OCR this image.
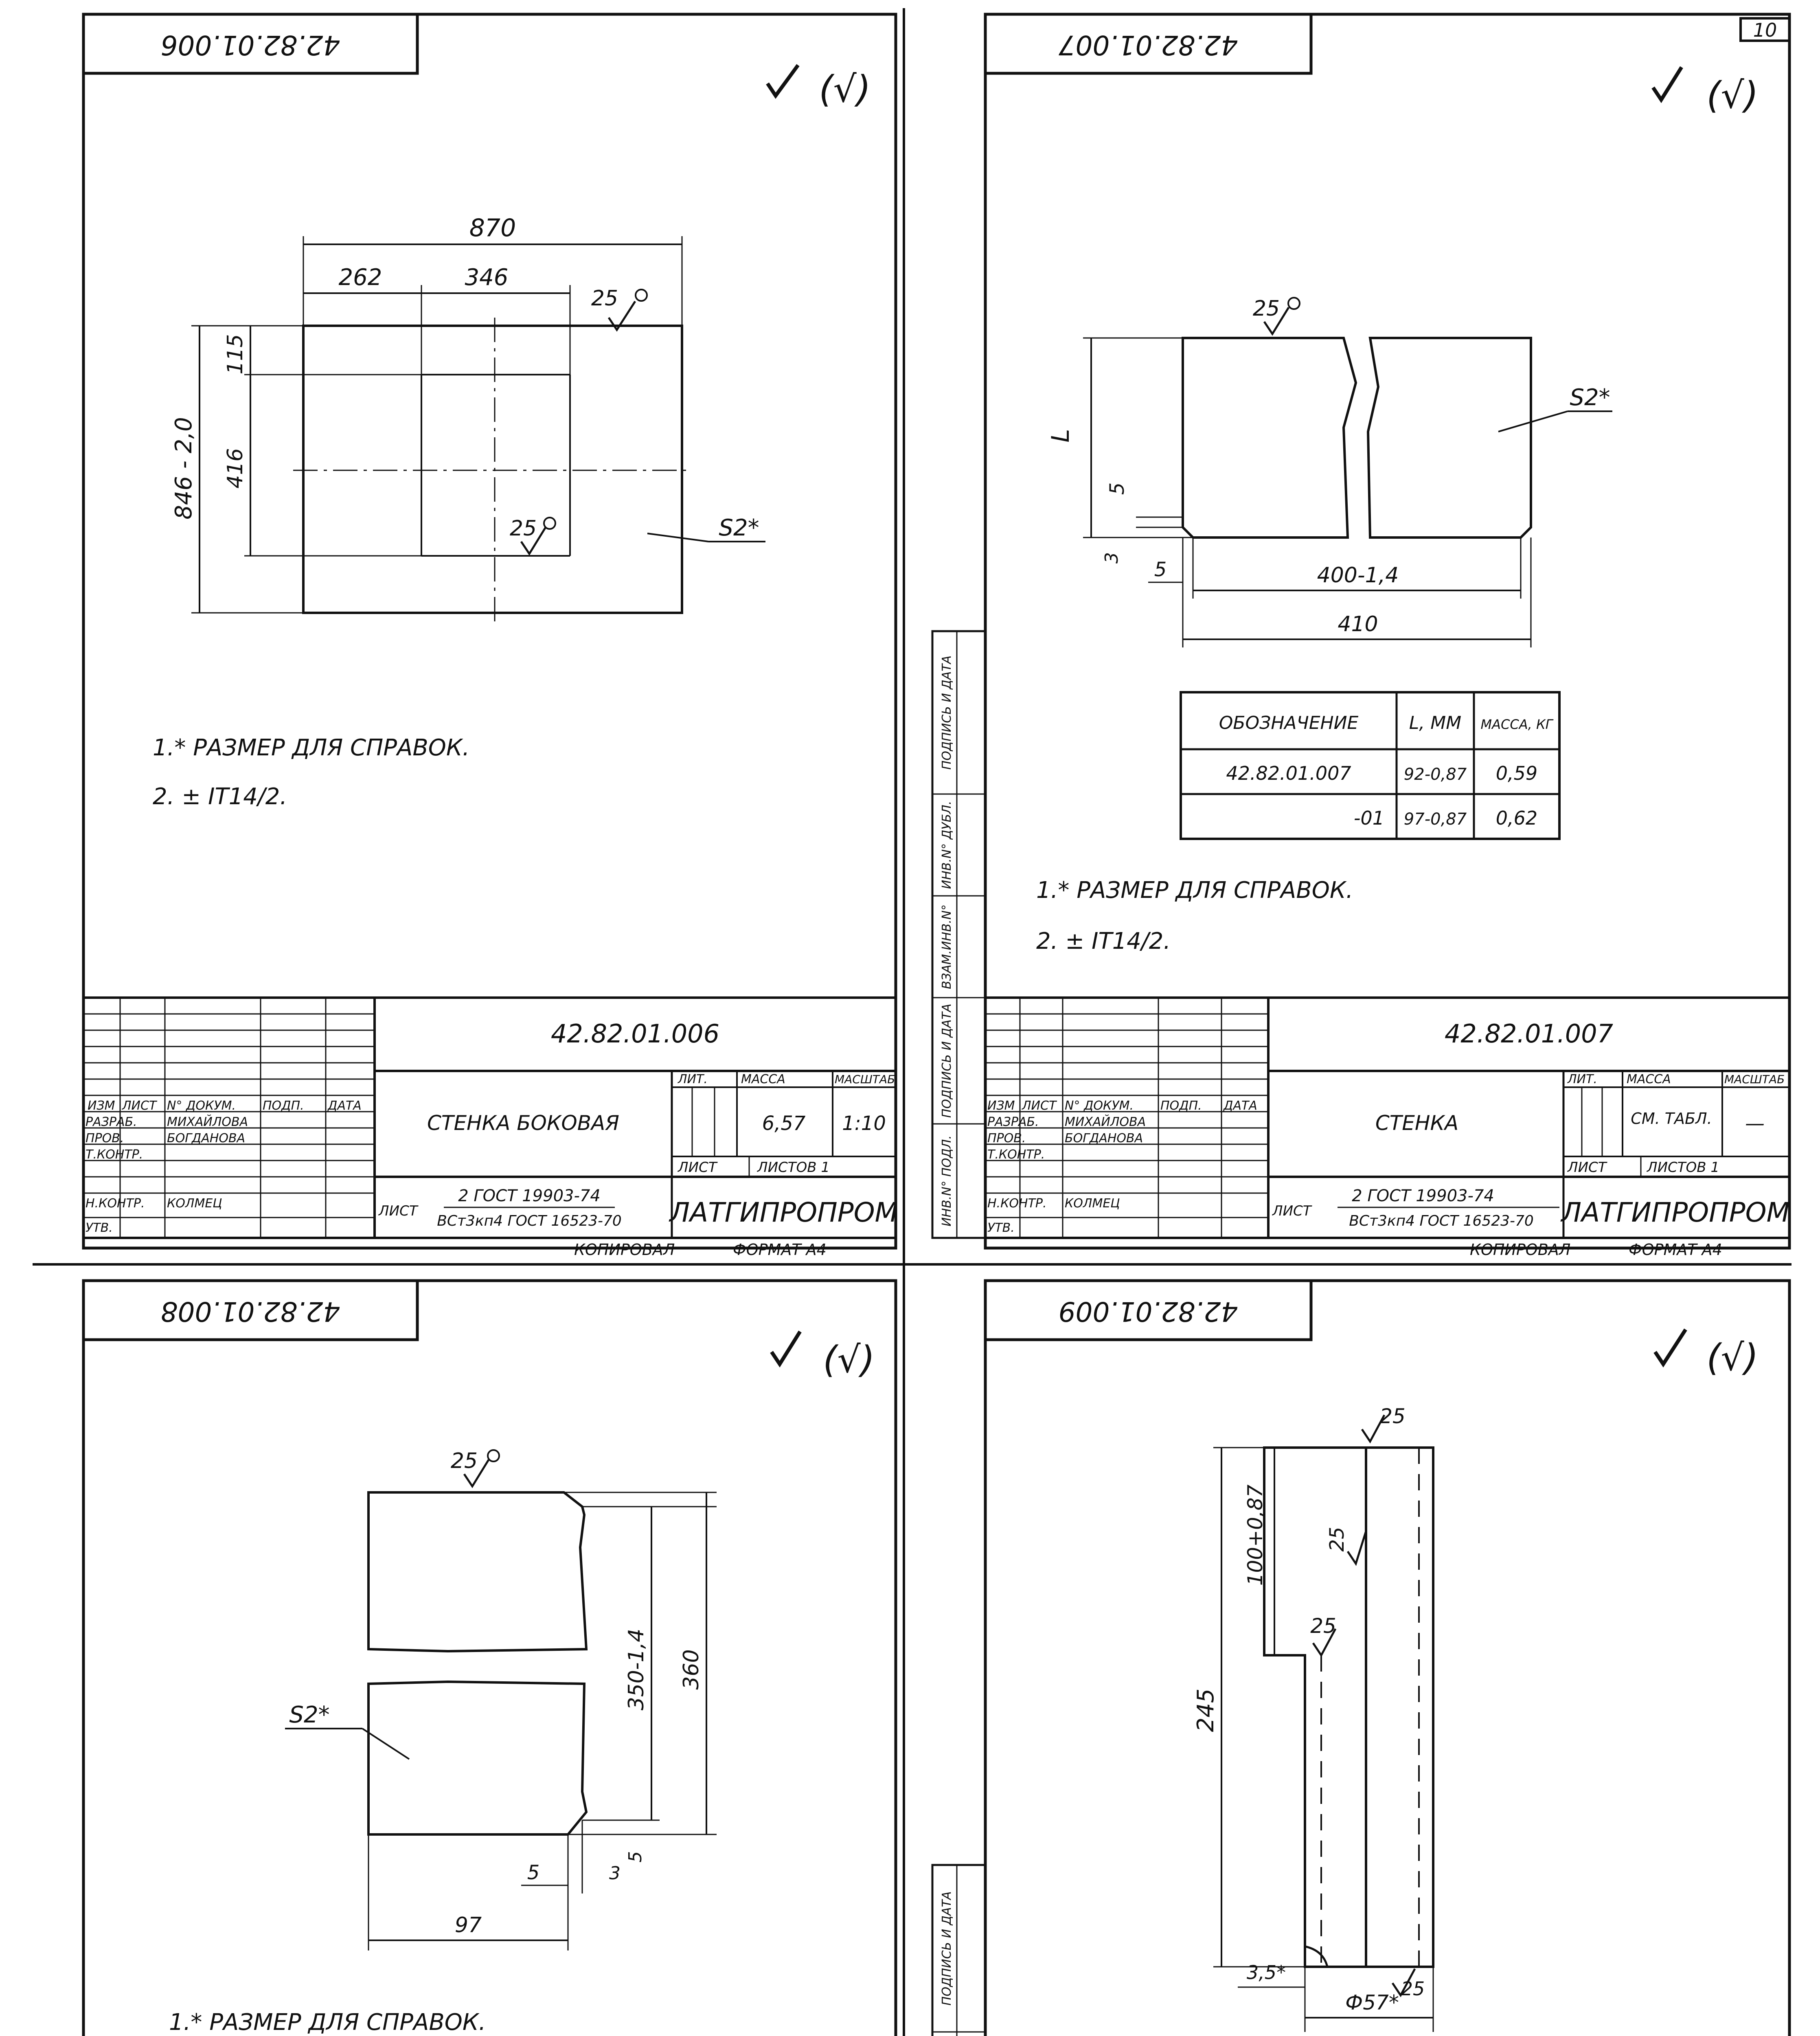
10
42.82.01.006
(√)
870
262	346
846 - 2,0
115
416
25
25	S2*
1.* РАЗМЕР ДЛЯ СПРАВОК.
2. ± IT14/2.
42.82.01.006
ИЗМ ЛИСТ N° ДОКУМ. ПОДП. ДАТА
РАЗРАБ. МИХАЙЛОВА
ПРОВ.	БОГДАНОВА
Т.КОНТР.
Н.КОНТР. КОЛМЕЦ
УТВ.
СТЕНКА БОКОВАЯ
ЛИТ.	МАССА	МАСШТАБ
6,57 1:10
ЛИСТ	ЛИСТОВ 1
ЛИСТ
2 ГОСТ 19903-74
ВСт3кп4 ГОСТ 16523-70 ЛАТГИПРОПРОМ
КОПИРОВАЛ	ФОРМАТ А4
42.82.01.007
(√)
L
5
3
5	400-1,4
410
25
S2*
ОБОЗНАЧЕНИЕ	L, ММ МАССА, КГ
42.82.01.007	92-0,87 0,59
-01 97-0,87 0,62
1.* РАЗМЕР ДЛЯ СПРАВОК.
2. ± IT14/2.
ИНВ.N° ПОДЛ.
ПОДПИСЬ И ДАТА
ВЗАМ.ИНВ.N°
ИНВ.N° ДУБЛ.
ПОДПИСЬ И ДАТА
42.82.01.007
ИЗМ ЛИСТ N° ДОКУМ. ПОДП. ДАТА
РАЗРАБ. МИХАЙЛОВА
ПРОВ.	БОГДАНОВА
Т.КОНТР.
Н.КОНТР. КОЛМЕЦ
УТВ.
СТЕНКА
ЛИТ. МАССА	МАСШТАБ
СМ. ТАБЛ. —
ЛИСТ	ЛИСТОВ 1
ЛИСТ
2 ГОСТ 19903-74
ВСт3кп4 ГОСТ 16523-70 ЛАТГИПРОПРОМ
КОПИРОВАЛ	ФОРМАТ А4
42.82.01.008
(√)
350-1,4 360
25
S2*
97
5	3
5
1.* РАЗМЕР ДЛЯ СПРАВОК.
42.82.01.009
(√)
245
100+0,87
25
25
25
3,5*
Ф57*
25
ПОДПИСЬ И ДАТА
